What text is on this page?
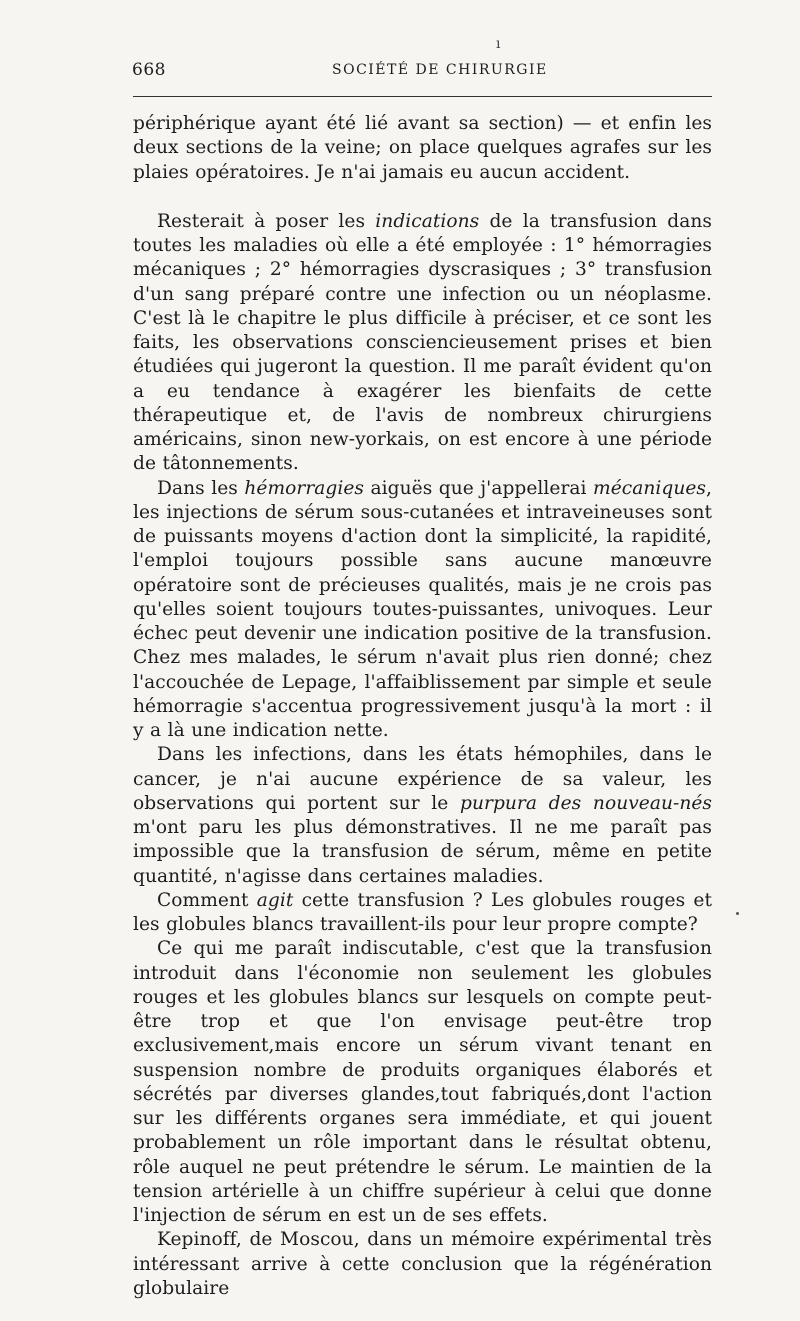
ı
668	SOCIÉTÉ DE CHIRURGIE

périphérique ayant été lié avant sa section) — et enfin les deux sections de la veine; on place quelques agrafes sur les plaies opératoires. Je n'ai jamais eu aucun accident.

Resterait à poser les indications de la transfusion dans toutes les maladies où elle a été employée : 1° hémorragies mécaniques ; 2° hémorragies dyscrasiques ; 3° transfusion d'un sang préparé contre une infection ou un néoplasme. C'est là le chapitre le plus difficile à préciser, et ce sont les faits, les observations consciencieusement prises et bien étudiées qui jugeront la question. Il me paraît évident qu'on a eu tendance à exagérer les bienfaits de cette thérapeutique et, de l'avis de nombreux chirurgiens américains, sinon new-yorkais, on est encore à une période de tâtonnements.

Dans les hémorragies aiguës que j'appellerai mécaniques, les injections de sérum sous-cutanées et intraveineuses sont de puissants moyens d'action dont la simplicité, la rapidité, l'emploi toujours possible sans aucune manœuvre opératoire sont de précieuses qualités, mais je ne crois pas qu'elles soient toujours toutes-puissantes, univoques. Leur échec peut devenir une indication positive de la transfusion. Chez mes malades, le sérum n'avait plus rien donné; chez l'accouchée de Lepage, l'affaiblissement par simple et seule hémorragie s'accentua progressivement jusqu'à la mort : il y a là une indication nette.

Dans les infections, dans les états hémophiles, dans le cancer, je n'ai aucune expérience de sa valeur, les observations qui portent sur le purpura des nouveau-nés m'ont paru les plus démonstratives. Il ne me paraît pas impossible que la transfusion de sérum, même en petite quantité, n'agisse dans certaines maladies.

Comment agit cette transfusion ? Les globules rouges et les globules blancs travaillent-ils pour leur propre compte?

Ce qui me paraît indiscutable, c'est que la transfusion introduit dans l'économie non seulement les globules rouges et les globules blancs sur lesquels on compte peut-être trop et que l'on envisage peut-être trop exclusivement,mais encore un sérum vivant tenant en suspension nombre de produits organiques élaborés et sécrétés par diverses glandes,tout fabriqués,dont l'action sur les différents organes sera immédiate, et qui jouent probablement un rôle important dans le résultat obtenu, rôle auquel ne peut prétendre le sérum. Le maintien de la tension artérielle à un chiffre supérieur à celui que donne l'injection de sérum en est un de ses effets.

Kepinoff, de Moscou, dans un mémoire expérimental très intéressant arrive à cette conclusion que la régénération globulaire
